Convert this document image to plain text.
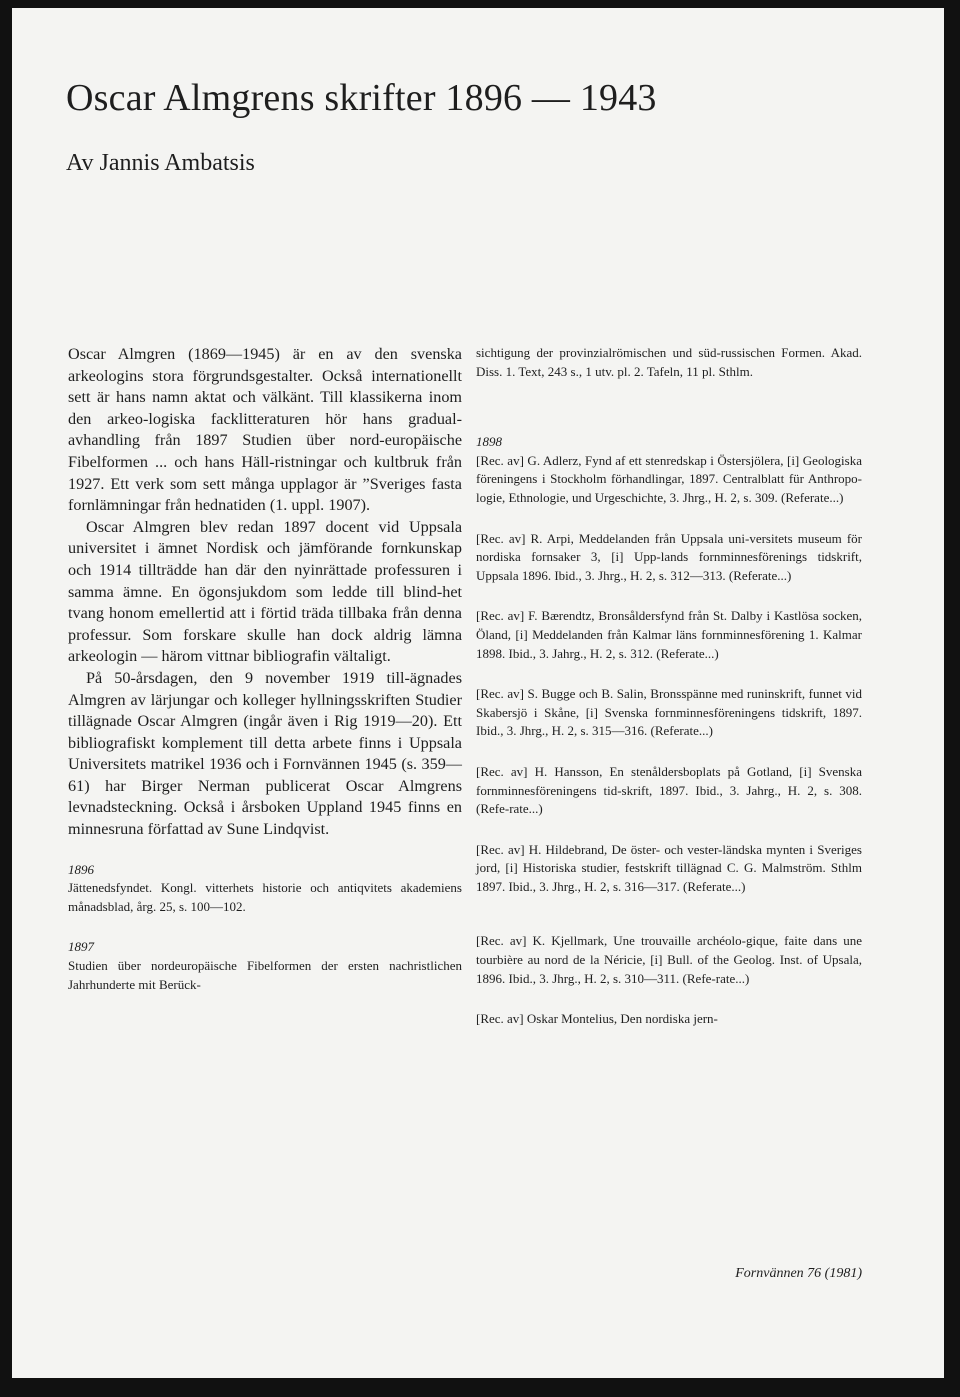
Oscar Almgrens skrifter 1896 — 1943
Av Jannis Ambatsis

Oscar Almgren (1869—1945) är en av den svenska arkeologins stora förgrundsgestalter. Också internationellt sett är hans namn aktat och välkänt. Till klassikerna inom den arkeo-logiska facklitteraturen hör hans gradual-avhandling från 1897 Studien über nord-europäische Fibelformen ... och hans Häll-ristningar och kultbruk från 1927. Ett verk som sett många upplagor är ”Sveriges fasta fornlämningar från hednatiden (1. uppl. 1907).

Oscar Almgren blev redan 1897 docent vid Uppsala universitet i ämnet Nordisk och jämförande fornkunskap och 1914 tillträdde han där den nyinrättade professuren i samma ämne. En ögonsjukdom som ledde till blind-het tvang honom emellertid att i förtid träda tillbaka från denna professur. Som forskare skulle han dock aldrig lämna arkeologin — härom vittnar bibliografin vältaligt.

På 50-årsdagen, den 9 november 1919 till-ägnades Almgren av lärjungar och kolleger hyllningsskriften Studier tillägnade Oscar Almgren (ingår även i Rig 1919—20). Ett bibliografiskt komplement till detta arbete finns i Uppsala Universitets matrikel 1936 och i Fornvännen 1945 (s. 359—61) har Birger Nerman publicerat Oscar Almgrens levnadsteckning. Också i årsboken Uppland 1945 finns en minnesruna författad av Sune Lindqvist.

1896

Jättenedsfyndet. Kongl. vitterhets historie och antiqvitets akademiens månadsblad, årg. 25, s. 100—102.

1897

Studien über nordeuropäische Fibelformen der ersten nachristlichen Jahrhunderte mit Berück-

sichtigung der provinzialrömischen und süd-russischen Formen. Akad. Diss. 1. Text, 243 s., 1 utv. pl. 2. Tafeln, 11 pl. Sthlm.

1898

[Rec. av] G. Adlerz, Fynd af ett stenredskap i Östersjölera, [i] Geologiska föreningens i Stockholm förhandlingar, 1897. Centralblatt für Anthropo-logie, Ethnologie, und Urgeschichte, 3. Jhrg., H. 2, s. 309. (Referate...)

[Rec. av] R. Arpi, Meddelanden från Uppsala uni-versitets museum för nordiska fornsaker 3, [i] Upp-lands fornminnesförenings tidskrift, Uppsala 1896. Ibid., 3. Jhrg., H. 2, s. 312—313. (Referate...)

[Rec. av] F. Bærendtz, Bronsåldersfynd från St. Dalby i Kastlösa socken, Öland, [i] Meddelanden från Kalmar läns fornminnesförening 1. Kalmar 1898. Ibid., 3. Jahrg., H. 2, s. 312. (Referate...)

[Rec. av] S. Bugge och B. Salin, Bronsspänne med runinskrift, funnet vid Skabersjö i Skåne, [i] Svenska fornminnesföreningens tidskrift, 1897. Ibid., 3. Jhrg., H. 2, s. 315—316. (Referate...)

[Rec. av] H. Hansson, En stenåldersboplats på Gotland, [i] Svenska fornminnesföreningens tid-skrift, 1897. Ibid., 3. Jahrg., H. 2, s. 308. (Refe-rate...)

[Rec. av] H. Hildebrand, De öster- och vester-ländska mynten i Sveriges jord, [i] Historiska studier, festskrift tillägnad C. G. Malmström. Sthlm 1897. Ibid., 3. Jhrg., H. 2, s. 316—317. (Referate...)

[Rec. av] K. Kjellmark, Une trouvaille archéolo-gique, faite dans une tourbière au nord de la Néricie, [i] Bull. of the Geolog. Inst. of Upsala, 1896. Ibid., 3. Jhrg., H. 2, s. 310—311. (Refe-rate...)

[Rec. av] Oskar Montelius, Den nordiska jern-

Fornvännen 76 (1981)
